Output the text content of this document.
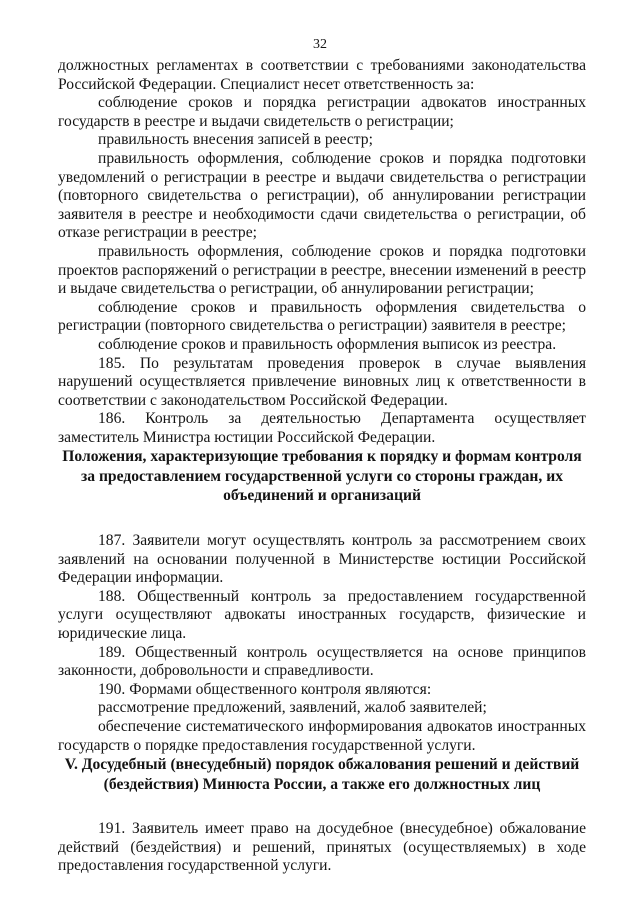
32

должностных регламентах в соответствии с требованиями законодательства Российской Федерации. Специалист несет ответственность за:

соблюдение сроков и порядка регистрации адвокатов иностранных государств в реестре и выдачи свидетельств о регистрации;

правильность внесения записей в реестр;

правильность оформления, соблюдение сроков и порядка подготовки уведомлений о регистрации в реестре и выдачи свидетельства о регистрации (повторного свидетельства о регистрации), об аннулировании регистрации заявителя в реестре и необходимости сдачи свидетельства о регистрации, об отказе регистрации в реестре;

правильность оформления, соблюдение сроков и порядка подготовки проектов распоряжений о регистрации в реестре, внесении изменений в реестр и выдаче свидетельства о регистрации, об аннулировании регистрации;

соблюдение сроков и правильность оформления свидетельства о регистрации (повторного свидетельства о регистрации) заявителя в реестре;

соблюдение сроков и правильность оформления выписок из реестра.

185. По результатам проведения проверок в случае выявления нарушений осуществляется привлечение виновных лиц к ответственности в соответствии с законодательством Российской Федерации.

186. Контроль за деятельностью Департамента осуществляет заместитель Министра юстиции Российской Федерации.

Положения, характеризующие требования к порядку и формам контроля за предоставлением государственной услуги со стороны граждан, их объединений и организаций

187. Заявители могут осуществлять контроль за рассмотрением своих заявлений на основании полученной в Министерстве юстиции Российской Федерации информации.

188. Общественный контроль за предоставлением государственной услуги осуществляют адвокаты иностранных государств, физические и юридические лица.

189. Общественный контроль осуществляется на основе принципов законности, добровольности и справедливости.

190. Формами общественного контроля являются:

рассмотрение предложений, заявлений, жалоб заявителей;

обеспечение систематического информирования адвокатов иностранных государств о порядке предоставления государственной услуги.

V. Досудебный (внесудебный) порядок обжалования решений и действий (бездействия) Минюста России, а также его должностных лиц

191. Заявитель имеет право на досудебное (внесудебное) обжалование действий (бездействия) и решений, принятых (осуществляемых) в ходе предоставления государственной услуги.
